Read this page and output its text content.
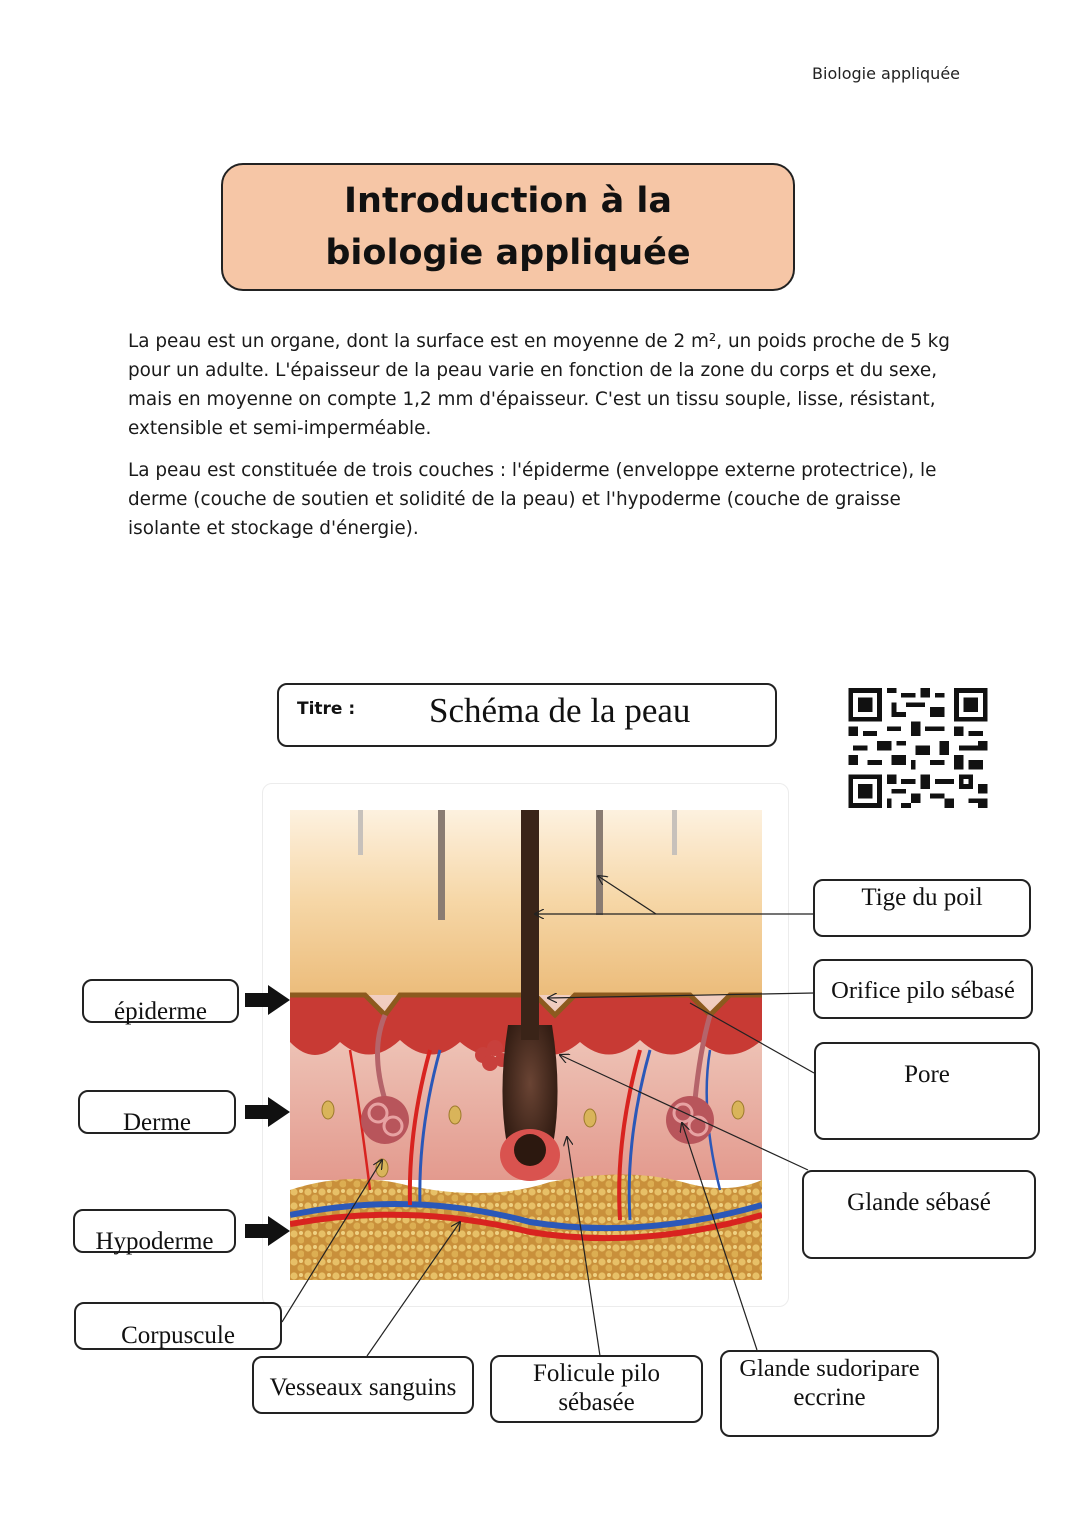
Biologie appliquée
Introduction à la biologie appliquée
La peau est un organe, dont la surface est en moyenne de 2 m², un poids proche de 5 kg pour un adulte. L'épaisseur de la peau varie en fonction de la zone du corps et du sexe, mais en moyenne on compte 1,2 mm d'épaisseur. C'est un tissu souple, lisse, résistant, extensible et semi-imperméable.
La peau est constituée de trois couches : l'épiderme (enveloppe externe protectrice), le derme (couche de soutien et solidité de la peau) et l'hypoderme (couche de graisse isolante et stockage d'énergie).
Titre : Schéma de la peau
épiderme
Derme
Hypoderme
Corpuscule
Tige du poil
Orifice pilo sébasé
Pore
Glande sébasé
Vesseaux sanguins
Folicule pilo
sébasée
Glande sudoripare
eccrine
